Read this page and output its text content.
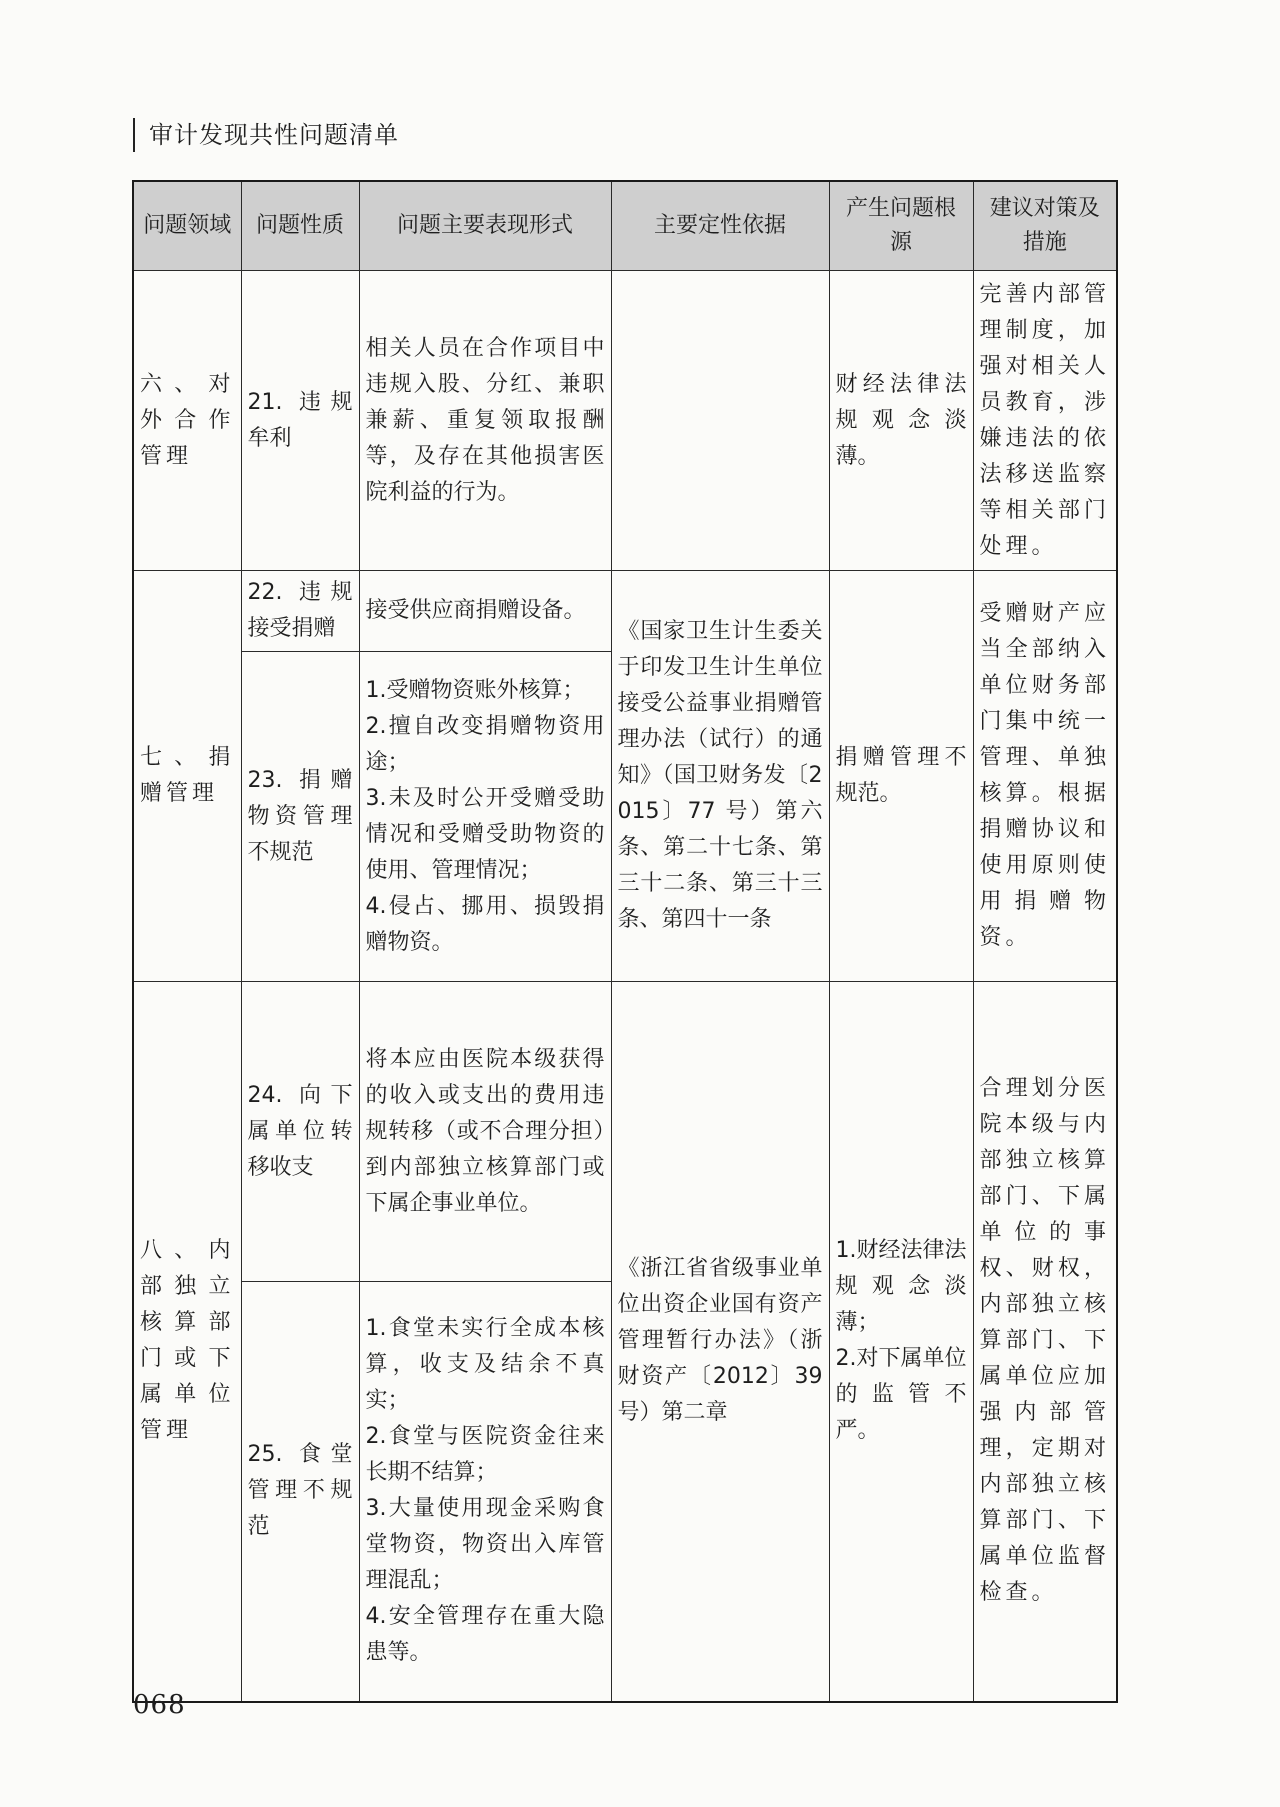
审计发现共性问题清单
问题领域	问题性质	问题主要表现形式	主要定性依据	产生问题根源	建议对策及措施
六、对外合作管理	21. 违规牟利	相关人员在合作项目中违规入股、分红、兼职兼薪、重复领取报酬等，及存在其他损害医院利益的行为。		财经法律法规观念淡薄。	完善内部管理制度，加强对相关人员教育，涉嫌违法的依法移送监察等相关部门处理。
七、捐赠管理	22. 违规接受捐赠	接受供应商捐赠设备。	《国家卫生计生委关于印发卫生计生单位接受公益事业捐赠管理办法（试行）的通知》（国卫财务发〔2015〕77 号）第六条、第二十七条、第三十二条、第三十三条、第四十一条	捐赠管理不规范。	受赠财产应当全部纳入单位财务部门集中统一管理、单独核算。根据捐赠协议和使用原则使用捐赠物资。
	23. 捐赠物资管理不规范	1.受赠物资账外核算；
2.擅自改变捐赠物资用途；
3.未及时公开受赠受助情况和受赠受助物资的使用、管理情况；
4.侵占、挪用、损毁捐赠物资。			
八、内部独立核算部门或下属单位管理	24. 向下属单位转移收支	将本应由医院本级获得的收入或支出的费用违规转移（或不合理分担）到内部独立核算部门或下属企事业单位。	《浙江省省级事业单位出资企业国有资产管理暂行办法》（浙财资产〔2012〕39 号）第二章	1.财经法律法规观念淡薄；
2.对下属单位的监管不严。	合理划分医院本级与内部独立核算部门、下属单位的事权、财权，内部独立核算部门、下属单位应加强内部管理，定期对内部独立核算部门、下属单位监督检查。
	25. 食堂管理不规范	1.食堂未实行全成本核算，收支及结余不真实；
2.食堂与医院资金往来长期不结算；
3.大量使用现金采购食堂物资，物资出入库管理混乱；
4.安全管理存在重大隐患等。			
068
